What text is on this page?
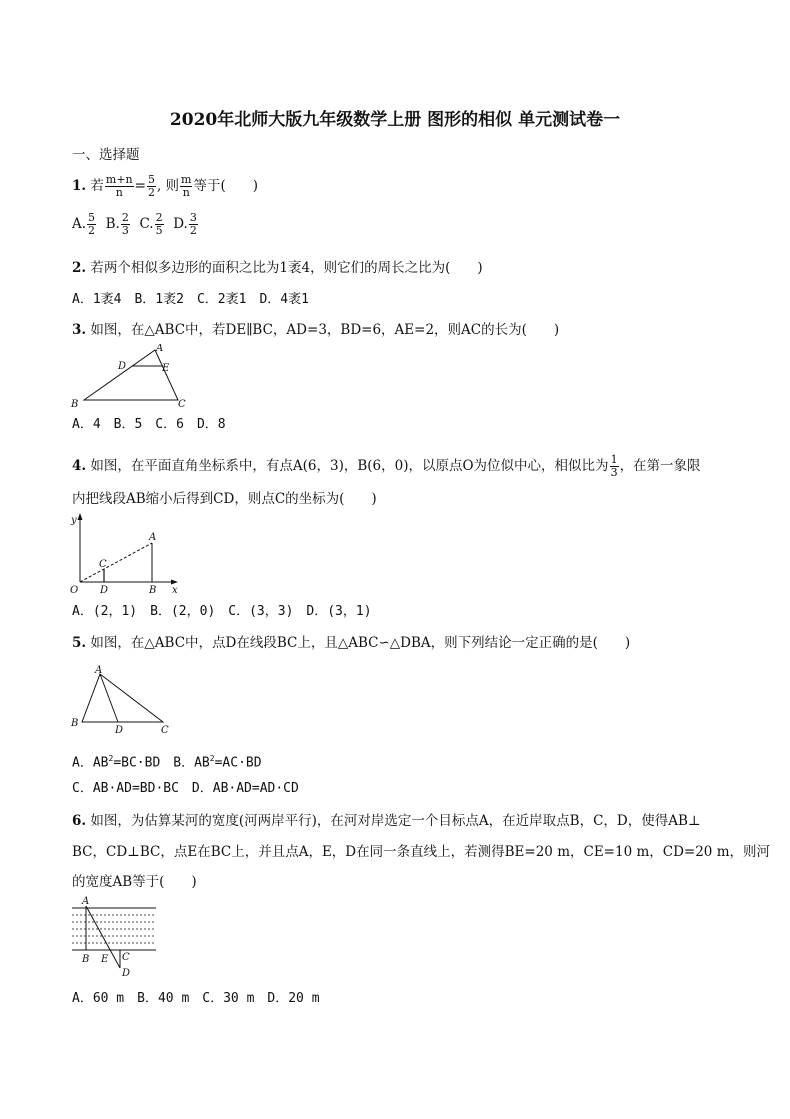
2020年北师大版九年级数学上册 图形的相似 单元测试卷一
一、选择题
1. 若 $\frac{m+n}{n} = \frac{5}{2}$ , 则 $\frac{m}{n}$ 等于(　　)
A. $\frac{5}{2} B$. $\frac{2}{3} C$. $\frac{2}{5} D$. $\frac{3}{2}$
2. 若两个相似多边形的面积之比为1袤4，则它们的周长之比为(　　)
A．1袤4　B．1袤2　C．2袤1　D．4袤1
3. 如图，在△ABC中，若DE∥BC，AD=3，BD=6，AE=2，则AC的长为(　　)
A
D	E
B	C
A．4　B．5　C．6　D．8
4. 如图，在平面直角坐标系中，有点A(6，3)，B(6，0)，以原点O为位似中心，相似比为 $\frac{1}{3}$ ，在第一象限
内把线段AB缩小后得到CD，则点C的坐标为(　　)
y
x
O
A
B
C
D
A．(2，1)　B．(2，0)　C．(3，3)　D．(3，1)
5. 如图，在△ABC中，点D在线段BC上，且△ABC∽△DBA，则下列结论一定正确的是(　　)
A
B
D	C
A．$AB^2=BC\cdot BD$　B．$AB^2=AC\cdot BD$
C．AB·AD=BD·BC　D．AB·AD=AD·CD
6. 如图，为估算某河的宽度(河两岸平行)，在河对岸选定一个目标点A，在近岸取点B，C，D，使得AB⊥
BC，CD⊥BC，点E在BC上，并且点A，E，D在同一条直线上，若测得BE=20 m，CE=10 m，CD=20 m，则河
的宽度AB等于(　　)
A
B E C
D
A．60 m　B．40 m　C．30 m　D．20 m
